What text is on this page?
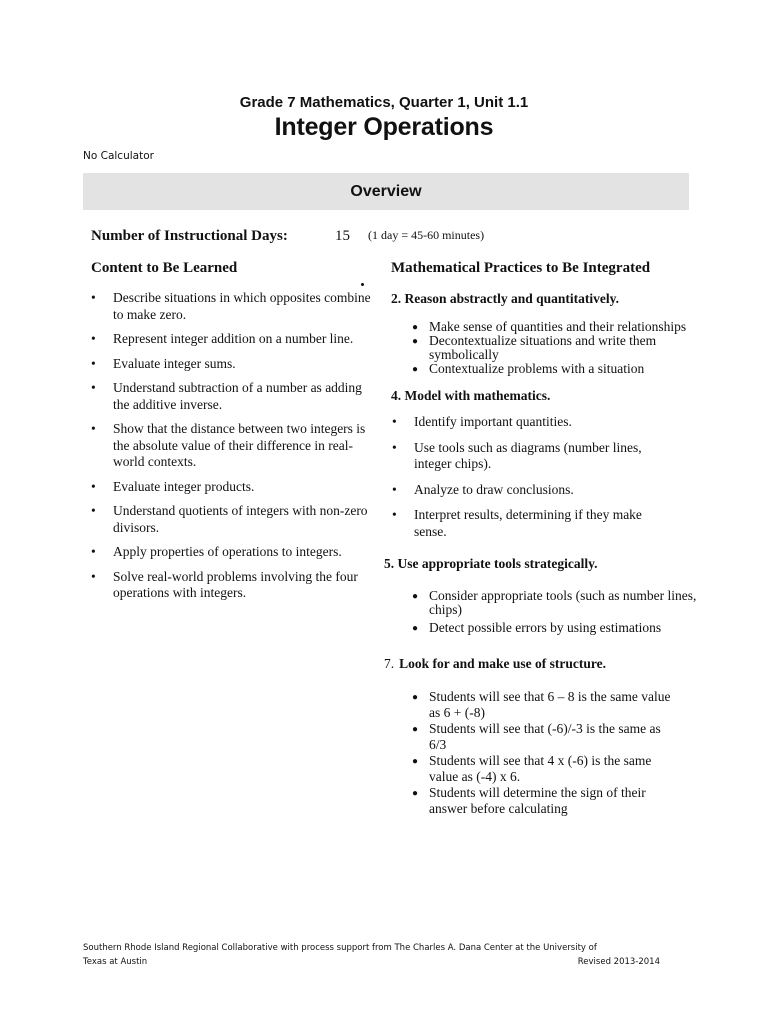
Grade 7 Mathematics, Quarter 1, Unit 1.1
Integer Operations
No Calculator
Overview
Number of Instructional Days:	15 (1 day = 45-60 minutes)
Content to Be Learned	Mathematical Practices to Be Integrated
• Describe situations in which opposites combine to make zero.
• Represent integer addition on a number line.
• Evaluate integer sums.
• Understand subtraction of a number as adding the additive inverse.
• Show that the distance between two integers is the absolute value of their difference in real-world contexts.
• Evaluate integer products.
• Understand quotients of integers with non-zero divisors.
• Apply properties of operations to integers.
• Solve real-world problems involving the four operations with integers.
2. Reason abstractly and quantitatively.
● Make sense of quantities and their relationships
● Decontextualize situations and write them symbolically
● Contextualize problems with a situation
4. Model with mathematics.
• Identify important quantities.
• Use tools such as diagrams (number lines, integer chips).
• Analyze to draw conclusions.
• Interpret results, determining if they make sense.
5. Use appropriate tools strategically.
● Consider appropriate tools (such as number lines, chips)
● Detect possible errors by using estimations
7. Look for and make use of structure.
● Students will see that 6 – 8 is the same value as 6 + (-8)
● Students will see that (-6)/-3 is the same as 6/3
● Students will see that 4 x (-6) is the same value as (-4) x 6.
● Students will determine the sign of their answer before calculating
Southern Rhode Island Regional Collaborative with process support from The Charles A. Dana Center at the University of
Texas at Austin	Revised 2013-2014
